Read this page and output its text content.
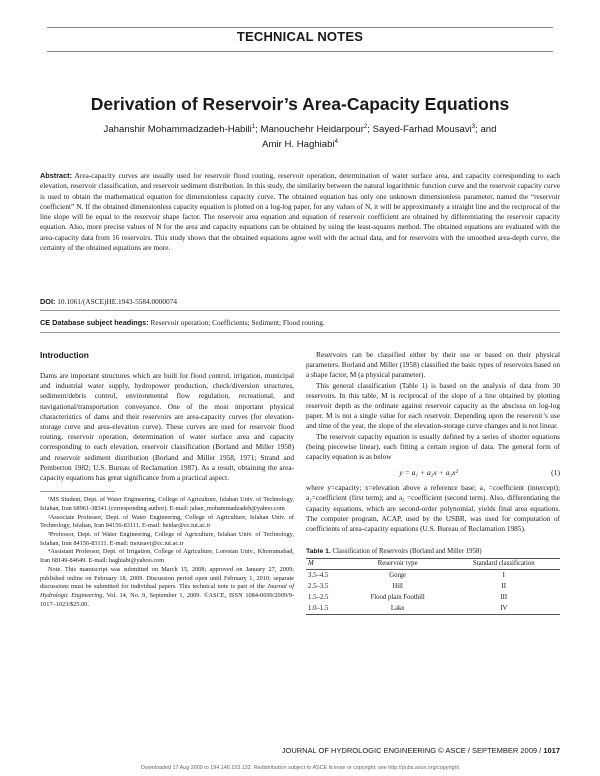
TECHNICAL NOTES
Derivation of Reservoir’s Area-Capacity Equations
Jahanshir Mohammadzadeh-Habili$^1$; Manouchehr Heidarpour$^2$; Sayed-Farhad Mousavi$^3$; and
Amir H. Haghiabi$^4$
Abstract: Area-capacity curves are usually used for reservoir flood routing, reservoir operation, determination of water surface area, and capacity corresponding to each elevation, reservoir classification, and reservoir sediment distribution. In this study, the similarity between the natural logarithmic function curve and the reservoir capacity curve is used to obtain the mathematical equation for dimensionless capacity curve. The obtained equation has only one unknown dimensionless parameter, named the “reservoir coefficient” N. If the obtained dimensionless capacity equation is plotted on a log-log paper, for any values of N, it will be approximately a straight line and the reciprocal of the line slope will be equal to the reservoir shape factor. The reservoir area equation and equation of reservoir coefficient are obtained by differentiating the reservoir capacity equation. Also, more precise values of N for the area and capacity equations can be obtained by using the least-squares method. The obtained equations are evaluated with the area-capacity data from 16 reservoirs. This study shows that the obtained equations agree well with the actual data, and for reservoirs with the smoothed area-depth curve, the certainty of the obtained equations are more.
DOI: 10.1061/(ASCE)HE.1943-5584.0000074
CE Database subject headings: Reservoir operation; Coefficients; Sediment; Flood routing.

Introduction

Dams are important structures which are built for flood control, irrigation, municipal and industrial water supply, hydropower production, check/diversion structures, sediment/debris control, environmental flow regulation, recreational, and navigational/transportation conveyance. One of the most important physical characteristics of dams and their reservoirs are area-capacity curves (for elevation-storage curve and area-elevation curve). These curves are used for reservoir flood routing, reservoir operation, determination of water surface area and capacity corresponding to each elevation, reservoir classification (Borland and Miller 1958) and reservoir sediment distribution (Borland and Miller 1958, 1971; Strand and Pemberton 1982; U.S. Bureau of Reclamation 1987). As a result, obtaining the area-capacity equations has great significance from a practical aspect.

¹MS Student, Dept. of Water Engineering, College of Agriculture, Isfahan Univ. of Technology, Isfahan, Iran 68961-38341 (corresponding author). E-mail: jahan_mohammadzadeh@yahoo.com

²Associate Professor, Dept. of Water Engineering, College of Agriculture, Isfahan Univ. of Technology, Isfahan, Iran 84156-83111. E-mail: heidar@cc.iut.ac.ir

³Professor, Dept. of Water Engineering, College of Agriculture, Isfahan Univ. of Technology, Isfahan, Iran 84156-83111. E-mail: mousavi@cc.iut.ac.ir

⁴Assistant Professor, Dept. of Irrigation, College of Agriculture, Lorestan Univ., Khorramabad, Iran 68149-84649. E-mail: haghiabi@yahoo.com

Note. This manuscript was submitted on March 15, 2008; approved on January 27, 2009; published online on February 18, 2009. Discussion period open until February 1, 2010; separate discussions must be submitted for individual papers. This technical note is part of the Journal of Hydrologic Engineering, Vol. 14, No. 9, September 1, 2009. ©ASCE, ISSN 1084-0699/2009/9-1017–1023/$25.00.

Reservoirs can be classified either by their use or based on their physical parameters. Borland and Miller (1958) classified the basic types of reservoirs based on a shape factor, M (a physical parameter).

This general classification (Table 1) is based on the analysis of data from 30 reservoirs. In this table, M is reciprocal of the slope of a line obtained by plotting reservoir depth as the ordinate against reservoir capacity as the abscissa on log-log paper. M is not a single value for each reservoir. Depending upon the reservoir’s use and time of the year, the slope of the elevation-storage curve changes and is not linear.

The reservoir capacity equation is usually defined by a series of shorter equations (being piecewise linear), each fitting a certain region of data. The general form of capacity equation is as below

y = a₁ + a₂x + a₃x²	(1)

where y=capacity; x=elevation above a reference base; a₁ =coefficient (intercept); a₂=coefficient (first term); and a₃ =coefficient (second term). Also, differentiating the capacity equations, which are second-order polynomial, yields final area equations. The computer program, ACAP, used by the USBR, was used for computation of coefficients of area-capacity equations (U.S. Bureau of Reclamation 1985).

Table 1. Classification of Reservoirs (Borland and Miller 1958)

M	Reservoir type	Standard classification

3.5–4.5	Gorge	I
2.5–3.5	Hill	II
1.5–2.5	Flood plain Foothill	III
1.0–1.5	Lake	IV
JOURNAL OF HYDROLOGIC ENGINEERING © ASCE / SEPTEMBER 2009 / 1017
Downloaded 17 Aug 2009 to 194.146.153.132. Redistribution subject to ASCE license or copyright; see http://pubs.asce.org/copyright
